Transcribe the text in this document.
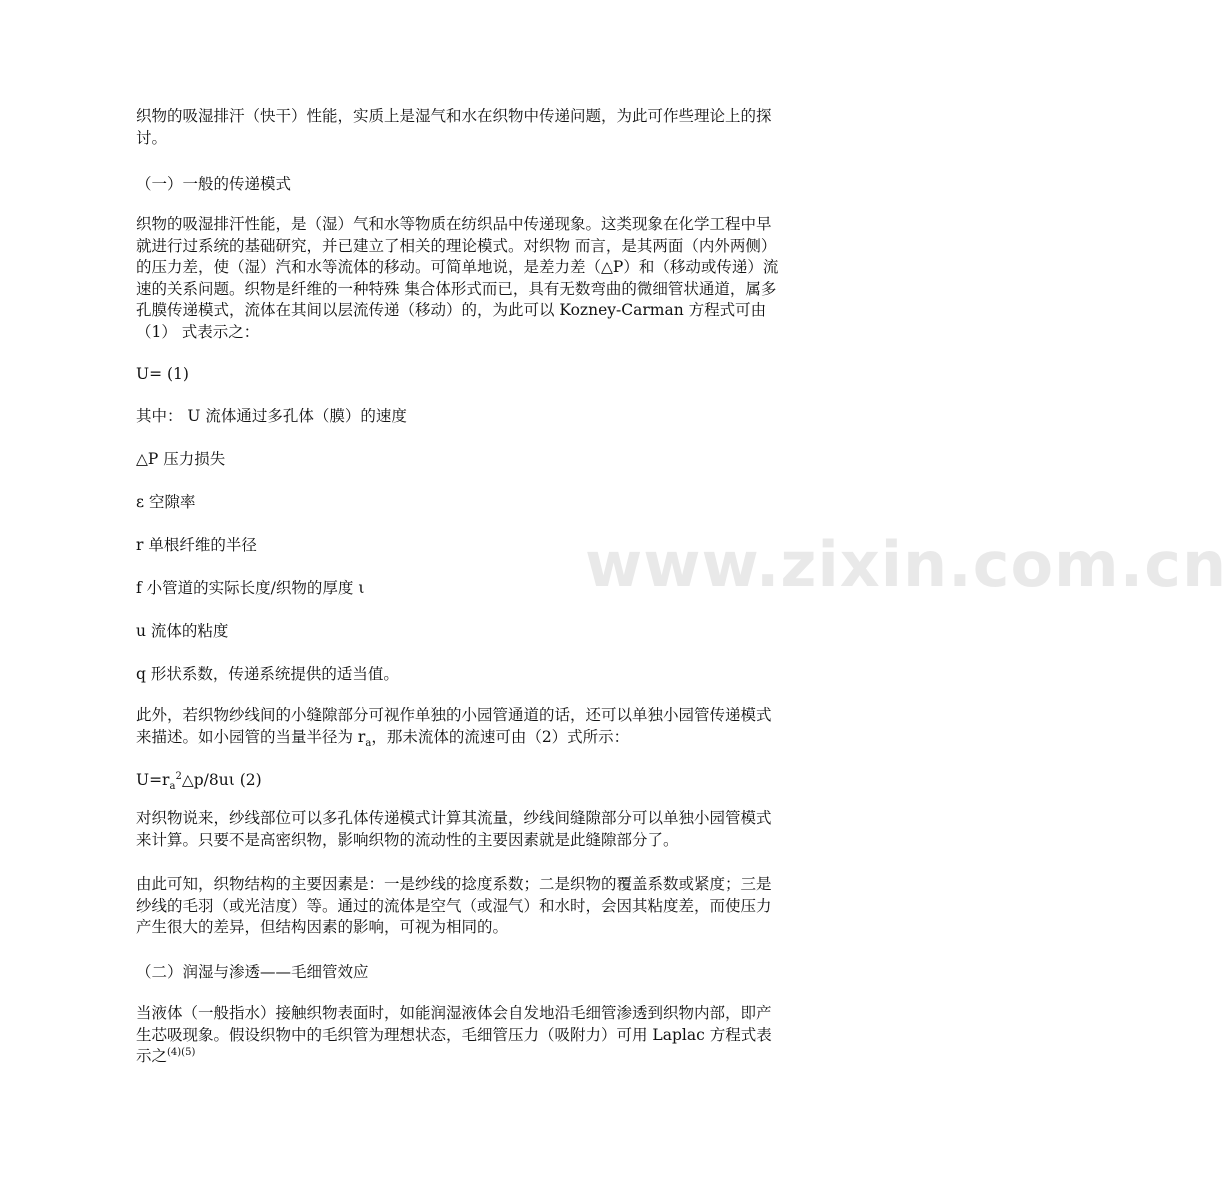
织物的吸湿排汗（快干）性能，实质上是湿气和水在织物中传递问题，为此可作些理论上的探讨。

（一）一般的传递模式

织物的吸湿排汗性能，是（湿）气和水等物质在纺织品中传递现象。这类现象在化学工程中早就进行过系统的基础研究，并已建立了相关的理论模式。对织物 而言，是其两面（内外两侧）的压力差，使（湿）汽和水等流体的移动。可简单地说，是差力差（△P）和（移动或传递）流速的关系问题。织物是纤维的一种特殊 集合体形式而已，具有无数弯曲的微细管状通道，属多孔膜传递模式，流体在其间以层流传递（移动）的，为此可以 Kozney-Carman 方程式可由（1） 式表示之：

U= (1)

其中： U 流体通过多孔体（膜）的速度

△P 压力损失

ε 空隙率

r 单根纤维的半径

f 小管道的实际长度/织物的厚度 ι

u 流体的粘度

q 形状系数，传递系统提供的适当值。

此外，若织物纱线间的小缝隙部分可视作单独的小园管通道的话，还可以单独小园管传递模式来描述。如小园管的当量半径为 $r_a$，那未流体的流速可由（2）式所示：

$U=r_a^2\triangle p/8u\iota$ (2)

对织物说来，纱线部位可以多孔体传递模式计算其流量，纱线间缝隙部分可以单独小园管模式来计算。只要不是高密织物，影响织物的流动性的主要因素就是此缝隙部分了。

由此可知，织物结构的主要因素是：一是纱线的捻度系数；二是织物的覆盖系数或紧度；三是纱线的毛羽（或光洁度）等。通过的流体是空气（或湿气）和水时，会因其粘度差，而使压力产生很大的差异，但结构因素的影响，可视为相同的。

（二）润湿与渗透——毛细管效应

当液体（一般指水）接触织物表面时，如能润湿液体会自发地沿毛细管渗透到织物内部，即产生芯吸现象。假设织物中的毛织管为理想状态，毛细管压力（吸附力）可用 Laplac 方程式表示之$^{(4)(5)}$

www.zixin.com.cn
